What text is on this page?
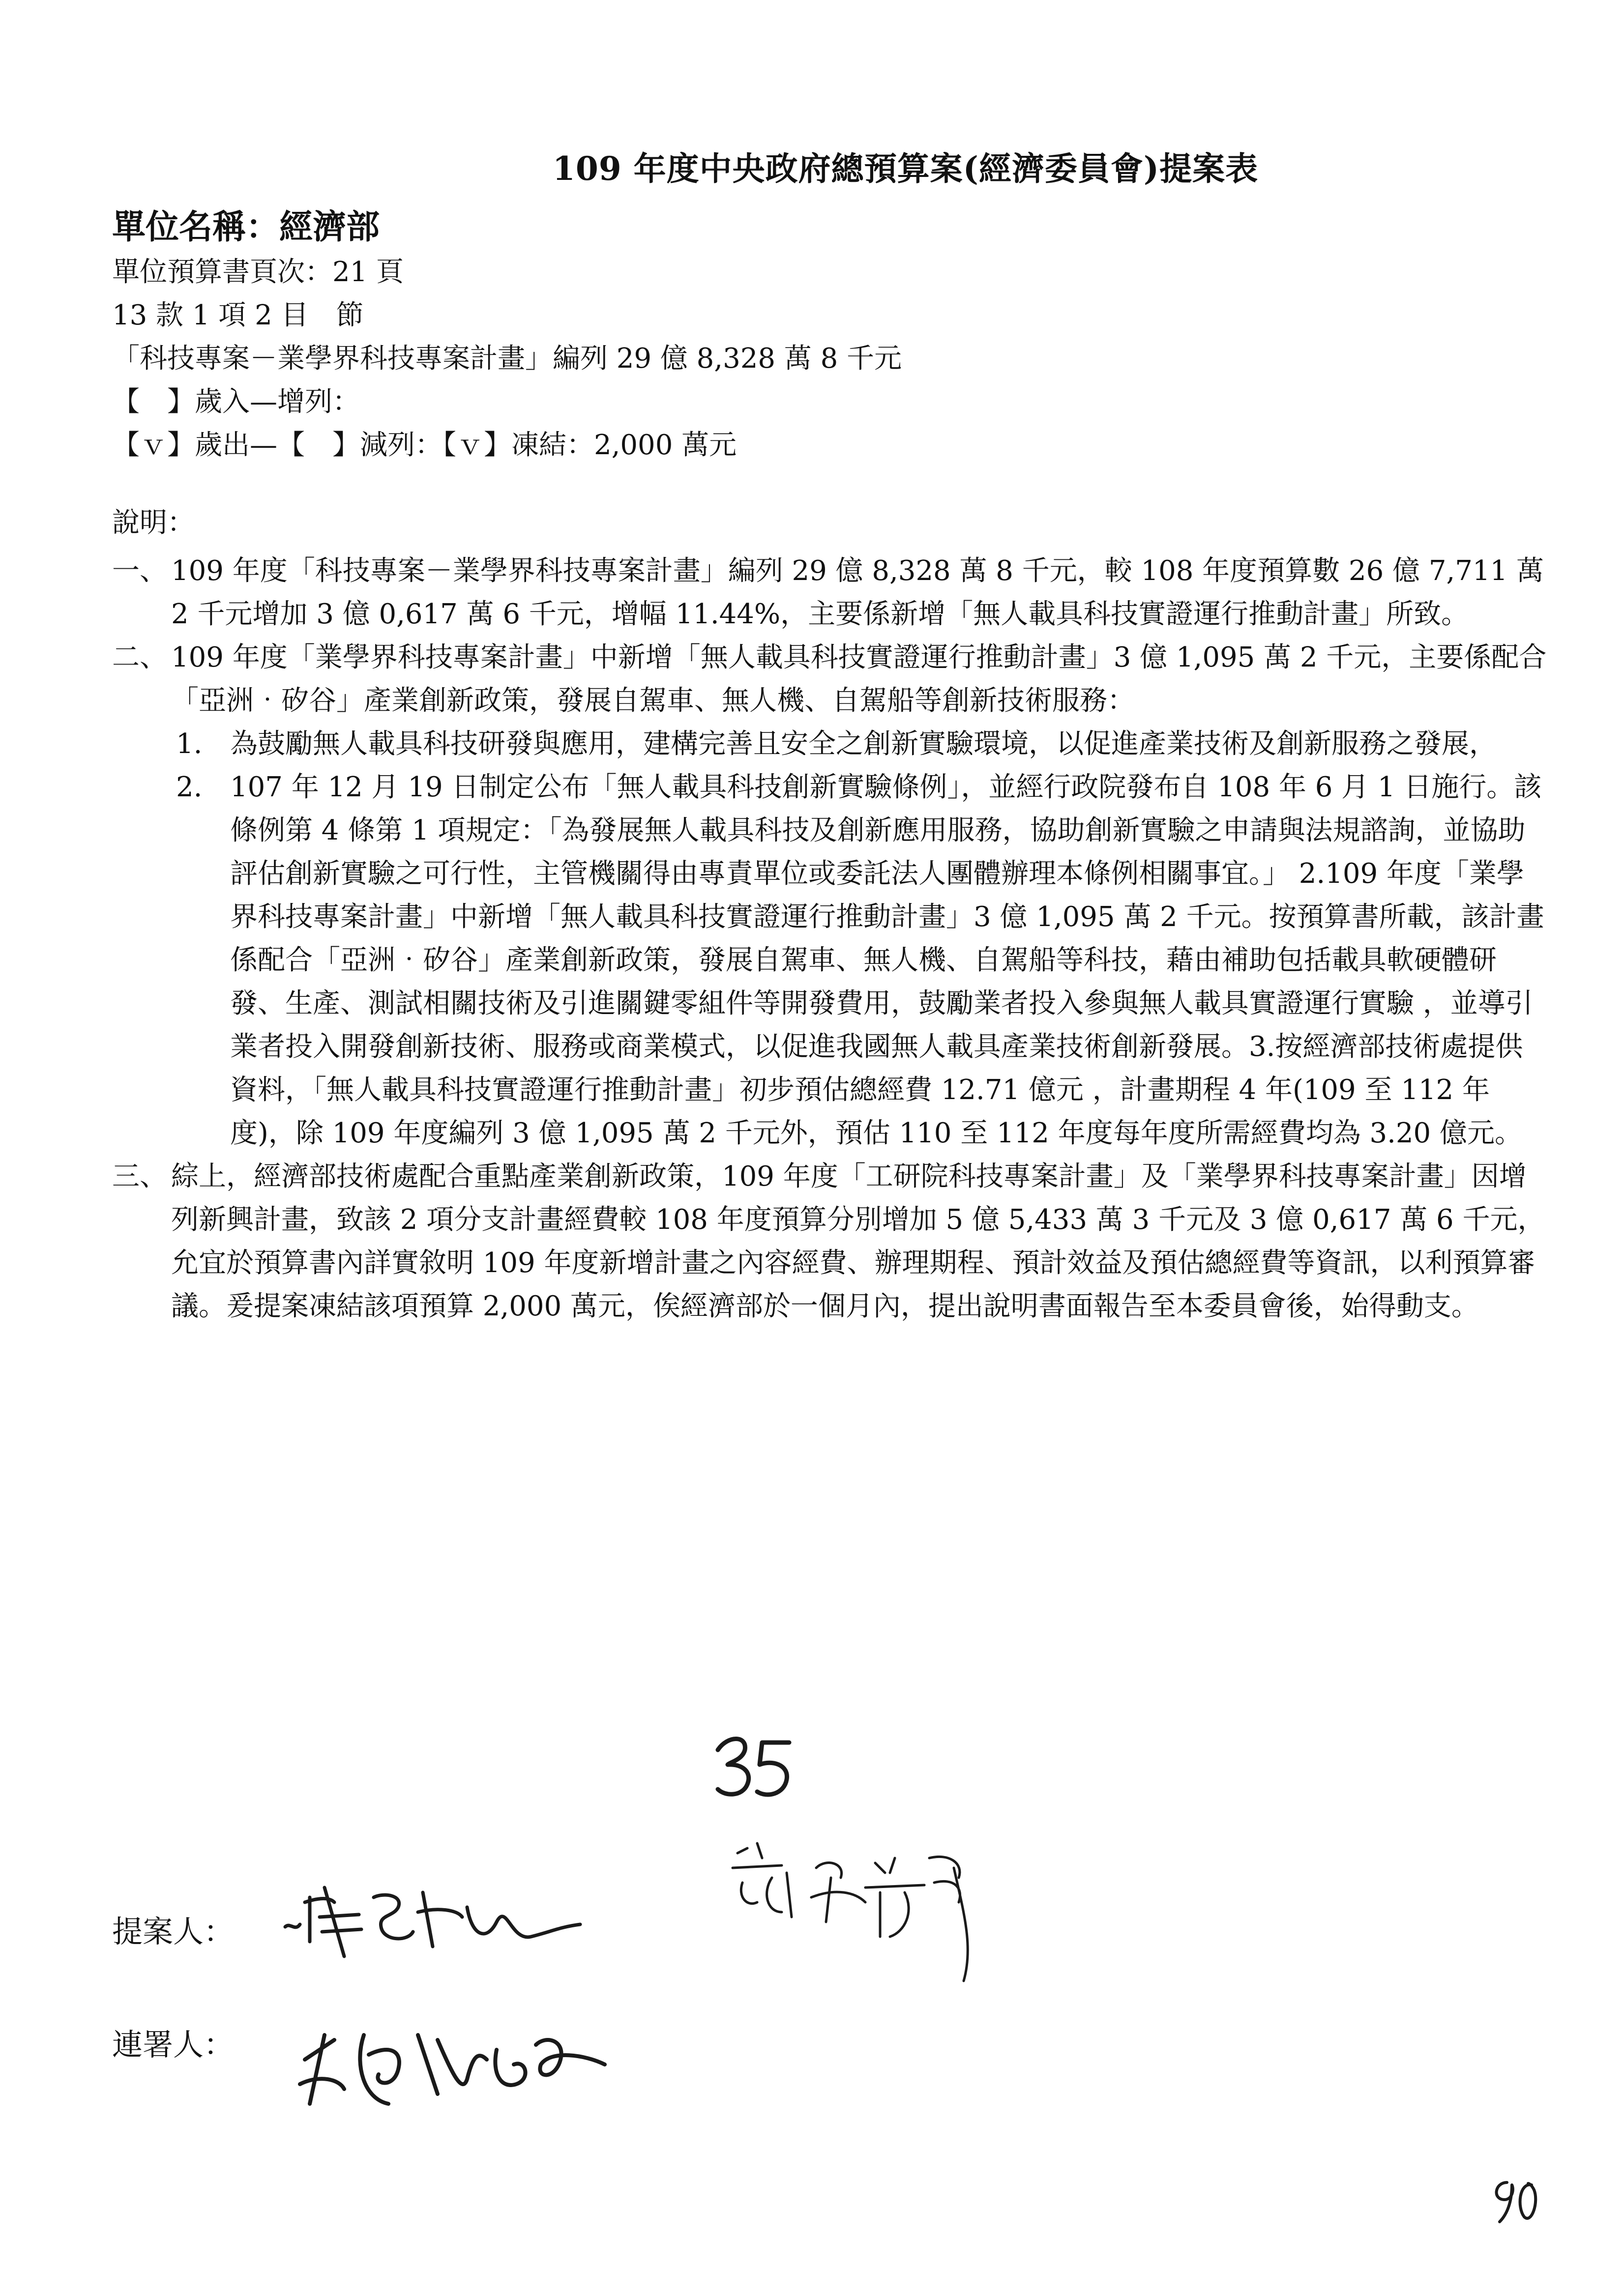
109 年度中央政府總預算案(經濟委員會)提案表
單位名稱：經濟部
單位預算書頁次：21 頁
13 款 1 項 2 目　節
「科技專案－業學界科技專案計畫」編列 29 億 8,328 萬 8 千元
【　】歲入—增列：
【ｖ】歲出—【　】減列：【ｖ】凍結：2,000 萬元
說明：
一、 109 年度「科技專案－業學界科技專案計畫」編列 29 億 8,328 萬 8 千元，較 108 年度預算數 26 億 7,711 萬 2 千元增加 3 億 0,617 萬 6 千元，增幅 11.44%，主要係新增「無人載具科技實證運行推動計畫」所致。
二、 109 年度「業學界科技專案計畫」中新增「無人載具科技實證運行推動計畫」3 億 1,095 萬 2 千元，主要係配合「亞洲‧矽谷」產業創新政策，發展自駕車、無人機、自駕船等創新技術服務：
1.
2.
為鼓勵無人載具科技研發與應用，建構完善且安全之創新實驗環境，以促進產業技術及創新服務之發展，107 年 12 月 19 日制定公布「無人載具科技創新實驗條例」，並經行政院發布自 108 年 6 月 1 日施行。該條例第 4 條第 1 項規定：「為發展無人載具科技及創新應用服務，協助創新實驗之申請與法規諮詢，並協助評估創新實驗之可行性，主管機關得由專責單位或委託法人團體辦理本條例相關事宜。」 2.109 年度「業學界科技專案計畫」中新增「無人載具科技實證運行推動計畫」3 億 1,095 萬 2 千元。按預算書所載，該計畫係配合「亞洲‧矽谷」產業創新政策，發展自駕車、無人機、自駕船等科技，藉由補助包括載具軟硬體研發、生產、測試相關技術及引進關鍵零組件等開發費用，鼓勵業者投入參與無人載具實證運行實驗 ，並導引業者投入開發創新技術、服務或商業模式，以促進我國無人載具產業技術創新發展。3.按經濟部技術處提供資料，「無人載具科技實證運行推動計畫」初步預估總經費 12.71 億元 ，計畫期程 4 年(109 至 112 年度)，除 109 年度編列 3 億 1,095 萬 2 千元外，預估 110 至 112 年度每年度所需經費均為 3.20 億元。
三、 綜上，經濟部技術處配合重點產業創新政策，109 年度「工研院科技專案計畫」及「業學界科技專案計畫」因增列新興計畫，致該 2 項分支計畫經費較 108 年度預算分別增加 5 億 5,433 萬 3 千元及 3 億 0,617 萬 6 千元，允宜於預算書內詳實敘明 109 年度新增計畫之內容經費、辦理期程、預計效益及預估總經費等資訊，以利預算審議。爰提案凍結該項預算 2,000 萬元，俟經濟部於一個月內，提出說明書面報告至本委員會後，始得動支。
提案人：
連署人：
